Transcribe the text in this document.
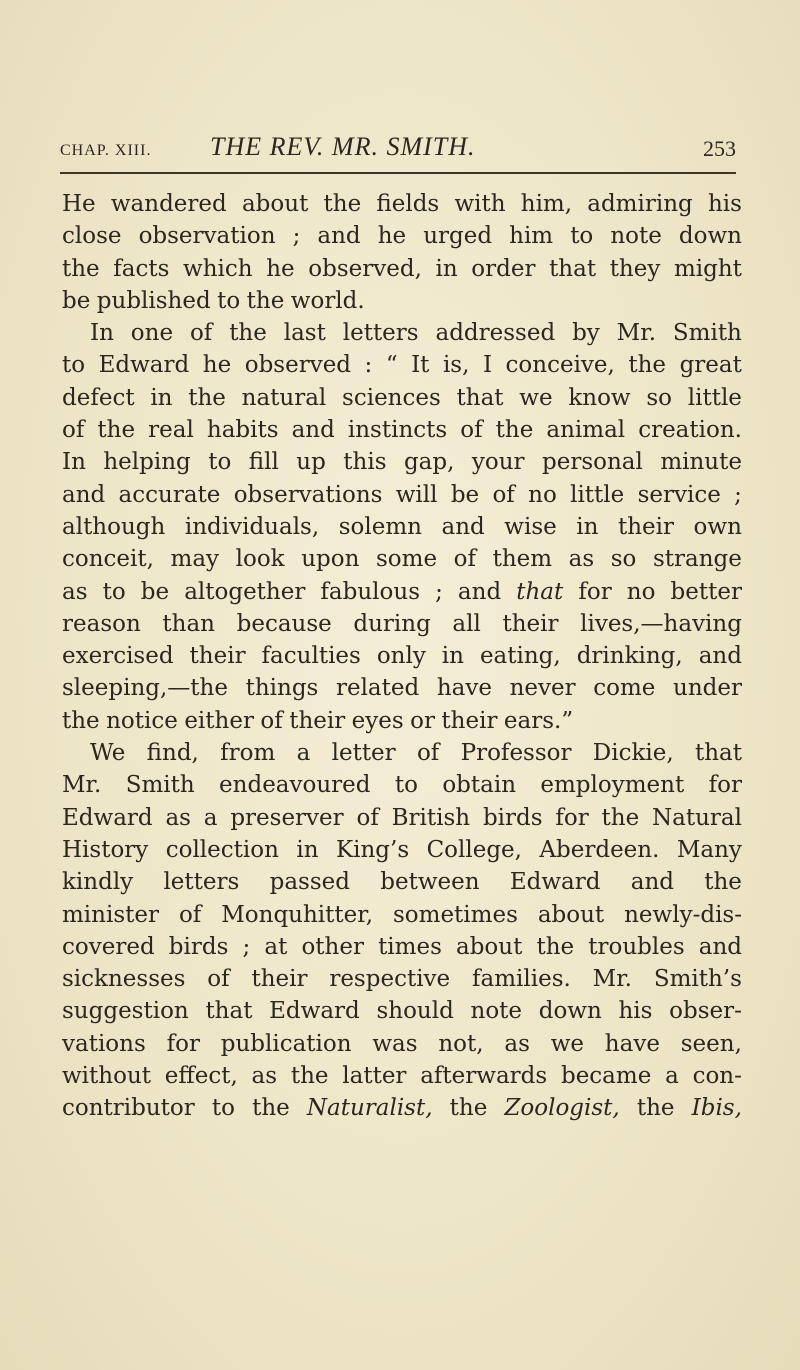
CHAP. XIII. THE REV. MR. SMITH.	253
He wandered about the fields with him, admiring his
close observation ; and he urged him to note down
the facts which he observed, in order that they might
be published to the world.
In one of the last letters addressed by Mr. Smith
to Edward he observed : “ It is, I conceive, the great
defect in the natural sciences that we know so little
of the real habits and instincts of the animal creation.
In helping to fill up this gap, your personal minute
and accurate observations will be of no little service ;
although individuals, solemn and wise in their own
conceit, may look upon some of them as so strange
as to be altogether fabulous ; and that for no better
reason than because during all their lives,—having
exercised their faculties only in eating, drinking, and
sleeping,—the things related have never come under
the notice either of their eyes or their ears.”
We find, from a letter of Professor Dickie, that
Mr. Smith endeavoured to obtain employment for
Edward as a preserver of British birds for the Natural
History collection in King’s College, Aberdeen. Many
kindly letters passed between Edward and the
minister of Monquhitter, sometimes about newly-dis-
covered birds ; at other times about the troubles and
sicknesses of their respective families. Mr. Smith’s
suggestion that Edward should note down his obser-
vations for publication was not, as we have seen,
without effect, as the latter afterwards became a con-
contributor to the Naturalist, the Zoologist, the Ibis,
